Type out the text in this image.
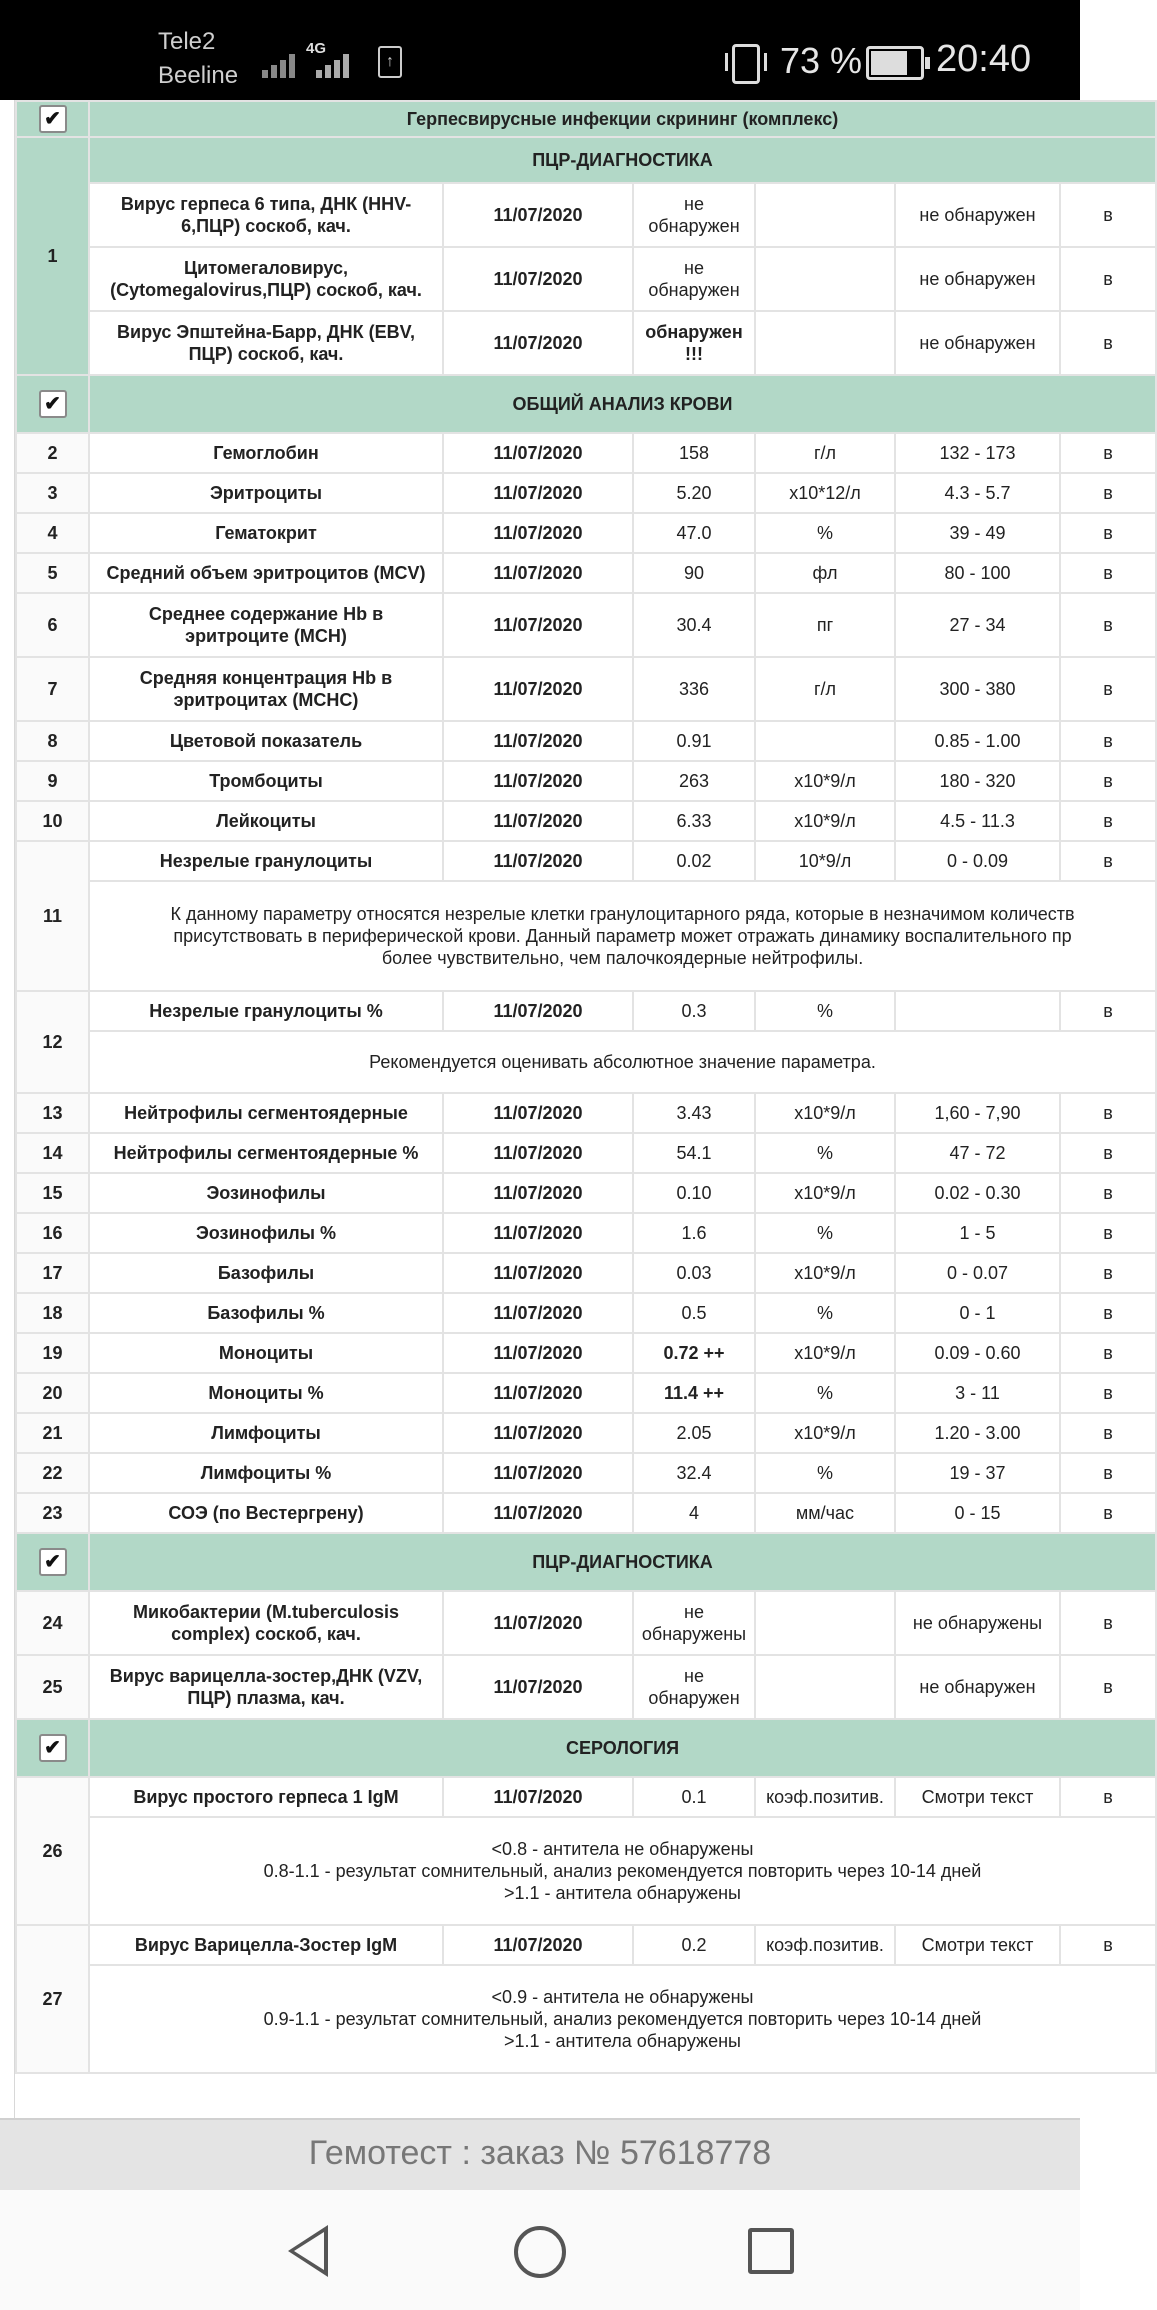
Tele2
Beeline
4G
↑	73 % 20:40
✔	Герпесвирусные инфекции скрининг (комплекс)					
1	ПЦР-ДИАГНОСТИКА					
	Вирус герпеса 6 типа, ДНК (HHV-6,ПЦР) соскоб, кач.	11/07/2020	не обнаружен		не обнаружен	в
	Цитомегаловирус, (Cytomegalovirus,ПЦР) соскоб, кач.	11/07/2020	не обнаружен		не обнаружен	в
	Вирус Эпштейна-Барр, ДНК (EBV, ПЦР) соскоб, кач.	11/07/2020	обнаружен !!!		не обнаружен	в
✔	ОБЩИЙ АНАЛИЗ КРОВИ					
2	Гемоглобин	11/07/2020	158	г/л	132 - 173	в
3	Эритроциты	11/07/2020	5.20	x10*12/л	4.3 - 5.7	в
4	Гематокрит	11/07/2020	47.0	%	39 - 49	в
5	Средний объем эритроцитов (MCV)	11/07/2020	90	фл	80 - 100	в
6	Среднее содержание Hb в эритроците (MCH)	11/07/2020	30.4	пг	27 - 34	в
7	Средняя концентрация Hb в эритроцитах (MCHC)	11/07/2020	336	г/л	300 - 380	в
8	Цветовой показатель	11/07/2020	0.91		0.85 - 1.00	в
9	Тромбоциты	11/07/2020	263	x10*9/л	180 - 320	в
10	Лейкоциты	11/07/2020	6.33	x10*9/л	4.5 - 11.3	в
11	Незрелые гранулоциты	11/07/2020	0.02	10*9/л	0 - 0.09	в

	К данному параметру относятся незрелые клетки гранулоцитарного ряда, которые в незначимом количеств
присутствовать в периферической крови. Данный параметр может отражать динамику воспалительного пр
более чувствительно, чем палочкоядерные нейтрофилы.					

12	Незрелые гранулоциты %	11/07/2020	0.3	%		в
	Рекомендуется оценивать абсолютное значение параметра.					
13	Нейтрофилы сегментоядерные	11/07/2020	3.43	x10*9/л	1,60 - 7,90	в
14	Нейтрофилы сегментоядерные %	11/07/2020	54.1	%	47 - 72	в
15	Эозинофилы	11/07/2020	0.10	x10*9/л	0.02 - 0.30	в
16	Эозинофилы %	11/07/2020	1.6	%	1 - 5	в
17	Базофилы	11/07/2020	0.03	x10*9/л	0 - 0.07	в
18	Базофилы %	11/07/2020	0.5	%	0 - 1	в
19	Моноциты	11/07/2020	0.72 ++	x10*9/л	0.09 - 0.60	в
20	Моноциты %	11/07/2020	11.4 ++	%	3 - 11	в
21	Лимфоциты	11/07/2020	2.05	x10*9/л	1.20 - 3.00	в
22	Лимфоциты %	11/07/2020	32.4	%	19 - 37	в
23	СОЭ (по Вестергрену)	11/07/2020	4	мм/час	0 - 15	в
✔	ПЦР-ДИАГНОСТИКА					
24	Микобактерии (M.tuberculosis complex) соскоб, кач.	11/07/2020	не обнаружены		не обнаружены	в
25	Вирус варицелла-зостер,ДНК (VZV, ПЦР) плазма, кач.	11/07/2020	не обнаружен		не обнаружен	в
✔	СЕРОЛОГИЯ					
26	Вирус простого герпеса 1 IgM	11/07/2020	0.1	коэф.позитив.	Смотри текст	в

	<0.8 - антитела не обнаружены
0.8-1.1 - результат сомнительный, анализ рекомендуется повторить через 10-14 дней
>1.1 - антитела обнаружены					

27	Вирус Варицелла-Зостер IgM	11/07/2020	0.2	коэф.позитив.	Смотри текст	в

	<0.9 - антитела не обнаружены
0.9-1.1 - результат сомнительный, анализ рекомендуется повторить через 10-14 дней
>1.1 - антитела обнаружены					
Гемотест : заказ № 57618778
